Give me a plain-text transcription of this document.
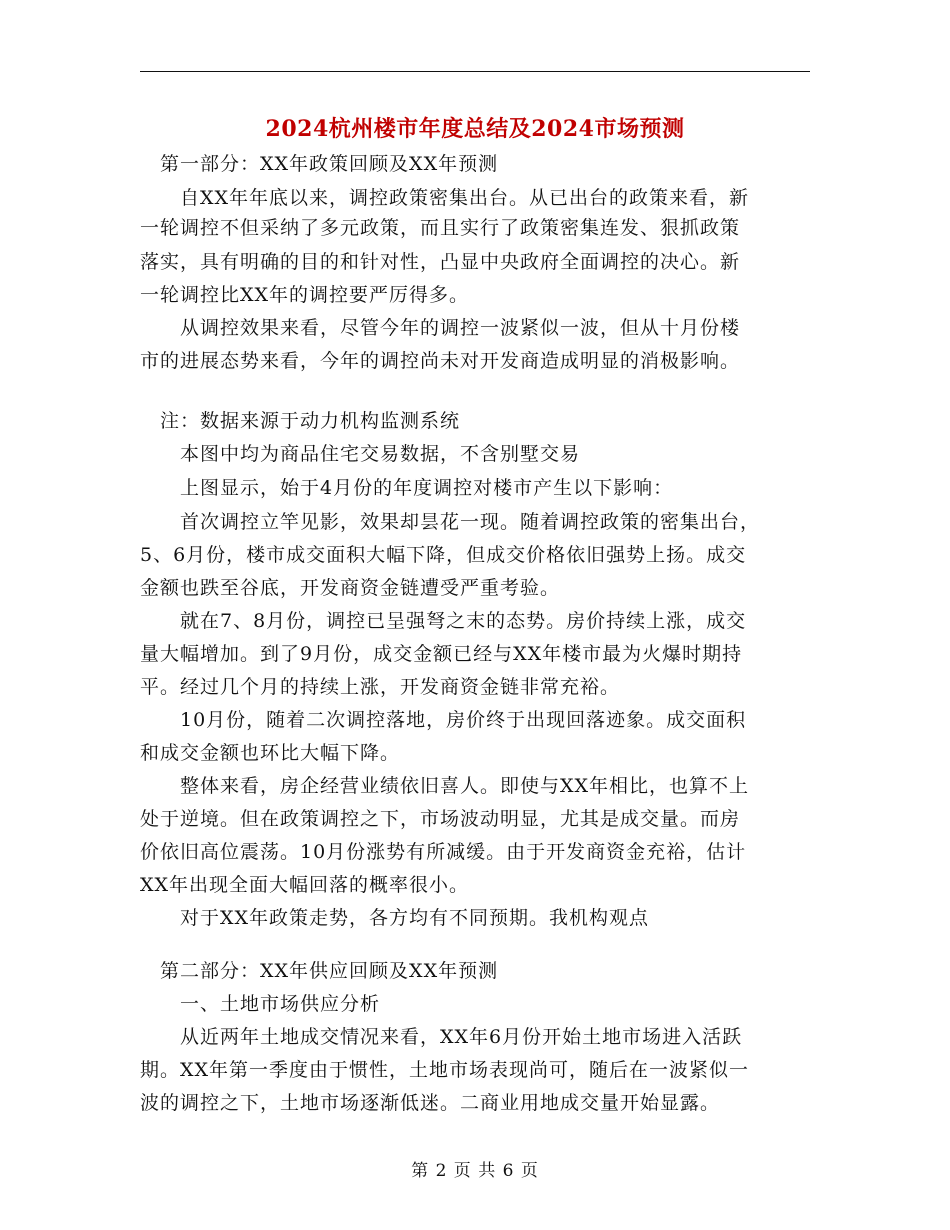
2024杭州楼市年度总结及2024市场预测
　第一部分：XX年政策回顾及XX年预测
　　自XX年年底以来，调控政策密集出台。从已出台的政策来看，新
一轮调控不但采纳了多元政策，而且实行了政策密集连发、狠抓政策
落实，具有明确的目的和针对性，凸显中央政府全面调控的决心。新
一轮调控比XX年的调控要严厉得多。
　　从调控效果来看，尽管今年的调控一波紧似一波，但从十月份楼
市的进展态势来看，今年的调控尚未对开发商造成明显的消极影响。
　注：数据来源于动力机构监测系统
　　本图中均为商品住宅交易数据，不含别墅交易
　　上图显示，始于4月份的年度调控对楼市产生以下影响：
　　首次调控立竿见影，效果却昙花一现。随着调控政策的密集出台，
5、6月份，楼市成交面积大幅下降，但成交价格依旧强势上扬。成交
金额也跌至谷底，开发商资金链遭受严重考验。
　　就在7、8月份，调控已呈强弩之末的态势。房价持续上涨，成交
量大幅增加。到了9月份，成交金额已经与XX年楼市最为火爆时期持
平。经过几个月的持续上涨，开发商资金链非常充裕。
　　10月份，随着二次调控落地，房价终于出现回落迹象。成交面积
和成交金额也环比大幅下降。
　　整体来看，房企经营业绩依旧喜人。即使与XX年相比，也算不上
处于逆境。但在政策调控之下，市场波动明显，尤其是成交量。而房
价依旧高位震荡。10月份涨势有所减缓。由于开发商资金充裕，估计
XX年出现全面大幅回落的概率很小。
　　对于XX年政策走势，各方均有不同预期。我机构观点
　第二部分：XX年供应回顾及XX年预测
　　一、土地市场供应分析
　　从近两年土地成交情况来看，XX年6月份开始土地市场进入活跃
期。XX年第一季度由于惯性，土地市场表现尚可，随后在一波紧似一
波的调控之下，土地市场逐渐低迷。二商业用地成交量开始显露。
第 2 页 共 6 页
